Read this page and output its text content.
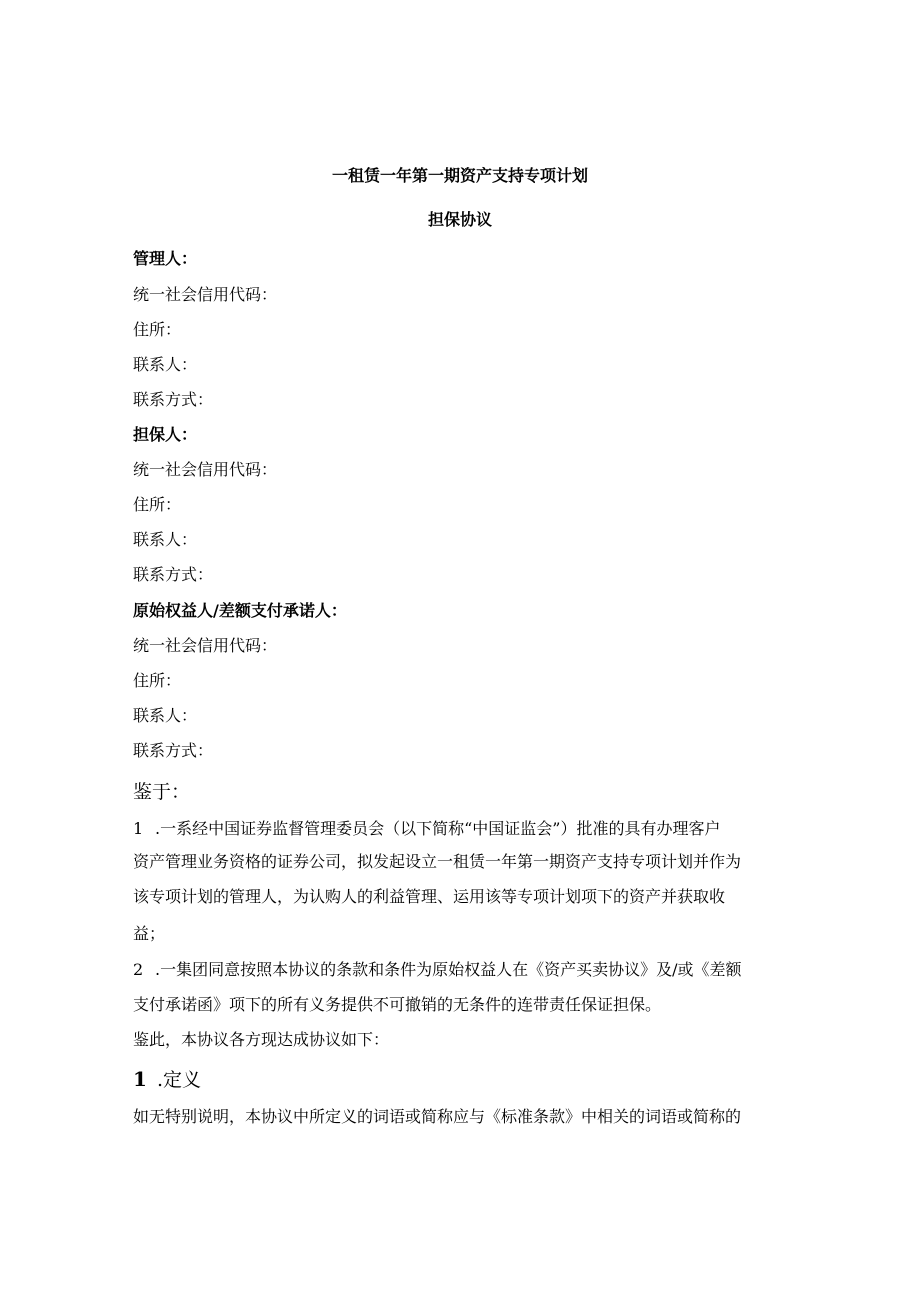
一租赁一年第一期资产支持专项计划

担保协议

管理人：

统一社会信用代码：

住所：

联系人：

联系方式：

担保人：

统一社会信用代码：

住所：

联系人：

联系方式：

原始权益人/差额支付承诺人：

统一社会信用代码：

住所：

联系人：

联系方式：

鉴于：

1 .一系经中国证券监督管理委员会（以下简称“中国证监会”）批准的具有办理客户

资产管理业务资格的证券公司，拟发起设立一租赁一年第一期资产支持专项计划并作为

该专项计划的管理人，为认购人的利益管理、运用该等专项计划项下的资产并获取收

益；

2 .一集团同意按照本协议的条款和条件为原始权益人在《资产买卖协议》及/或《差额

支付承诺函》项下的所有义务提供不可撤销的无条件的连带责任保证担保。

鉴此，本协议各方现达成协议如下：

1 .定义

如无特别说明，本协议中所定义的词语或简称应与《标准条款》中相关的词语或简称的
